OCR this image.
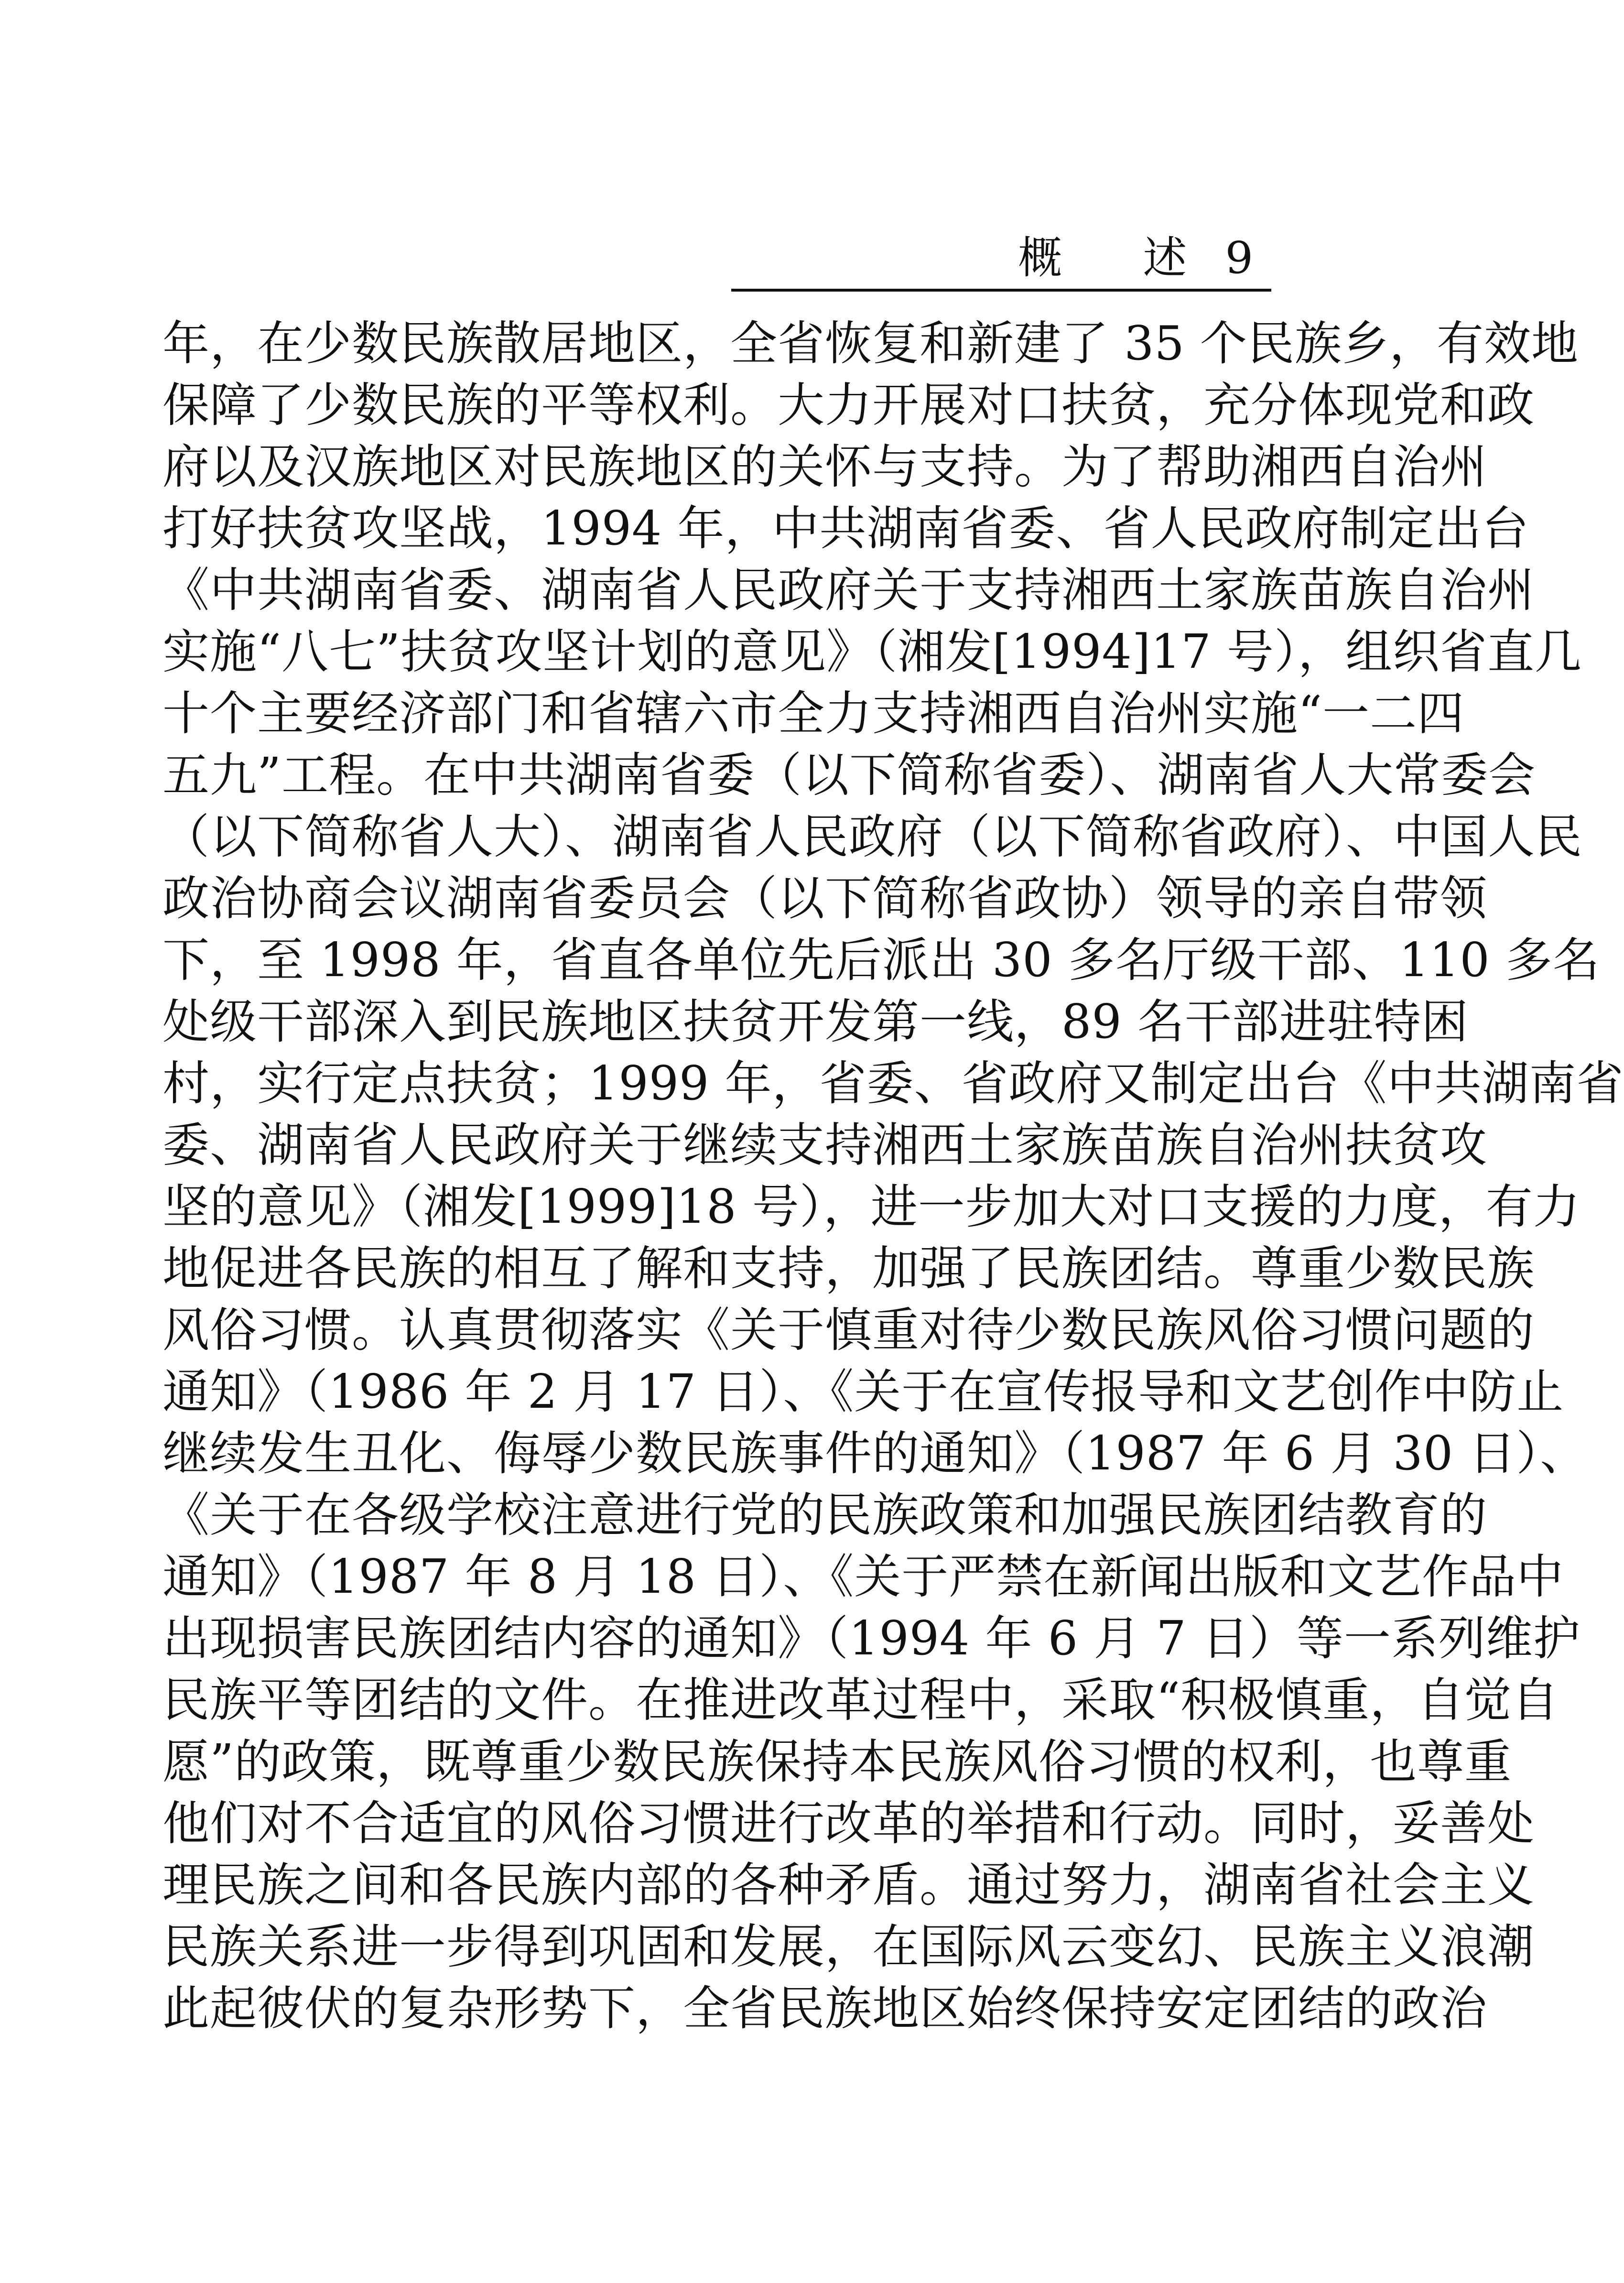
概 述 9
年，在少数民族散居地区，全省恢复和新建了 35 个民族乡，有效地
保障了少数民族的平等权利。大力开展对口扶贫，充分体现党和政
府以及汉族地区对民族地区的关怀与支持。为了帮助湘西自治州
打好扶贫攻坚战，1994 年，中共湖南省委、省人民政府制定出台
《中共湖南省委、湖南省人民政府关于支持湘西土家族苗族自治州
实施“八七”扶贫攻坚计划的意见》（湘发[1994]17 号），组织省直几
十个主要经济部门和省辖六市全力支持湘西自治州实施“一二四
五九”工程。在中共湖南省委（以下简称省委）、湖南省人大常委会
（以下简称省人大）、湖南省人民政府（以下简称省政府）、中国人民
政治协商会议湖南省委员会（以下简称省政协）领导的亲自带领
下，至 1998 年，省直各单位先后派出 30 多名厅级干部、110 多名
处级干部深入到民族地区扶贫开发第一线，89 名干部进驻特困
村，实行定点扶贫；1999 年，省委、省政府又制定出台《中共湖南省
委、湖南省人民政府关于继续支持湘西土家族苗族自治州扶贫攻
坚的意见》（湘发[1999]18 号），进一步加大对口支援的力度，有力
地促进各民族的相互了解和支持，加强了民族团结。尊重少数民族
风俗习惯。认真贯彻落实《关于慎重对待少数民族风俗习惯问题的
通知》（1986 年 2 月 17 日）、《关于在宣传报导和文艺创作中防止
继续发生丑化、侮辱少数民族事件的通知》（1987 年 6 月 30 日）、
《关于在各级学校注意进行党的民族政策和加强民族团结教育的
通知》（1987 年 8 月 18 日）、《关于严禁在新闻出版和文艺作品中
出现损害民族团结内容的通知》（1994 年 6 月 7 日）等一系列维护
民族平等团结的文件。在推进改革过程中，采取“积极慎重，自觉自
愿”的政策，既尊重少数民族保持本民族风俗习惯的权利，也尊重
他们对不合适宜的风俗习惯进行改革的举措和行动。同时，妥善处
理民族之间和各民族内部的各种矛盾。通过努力，湖南省社会主义
民族关系进一步得到巩固和发展，在国际风云变幻、民族主义浪潮
此起彼伏的复杂形势下，全省民族地区始终保持安定团结的政治
